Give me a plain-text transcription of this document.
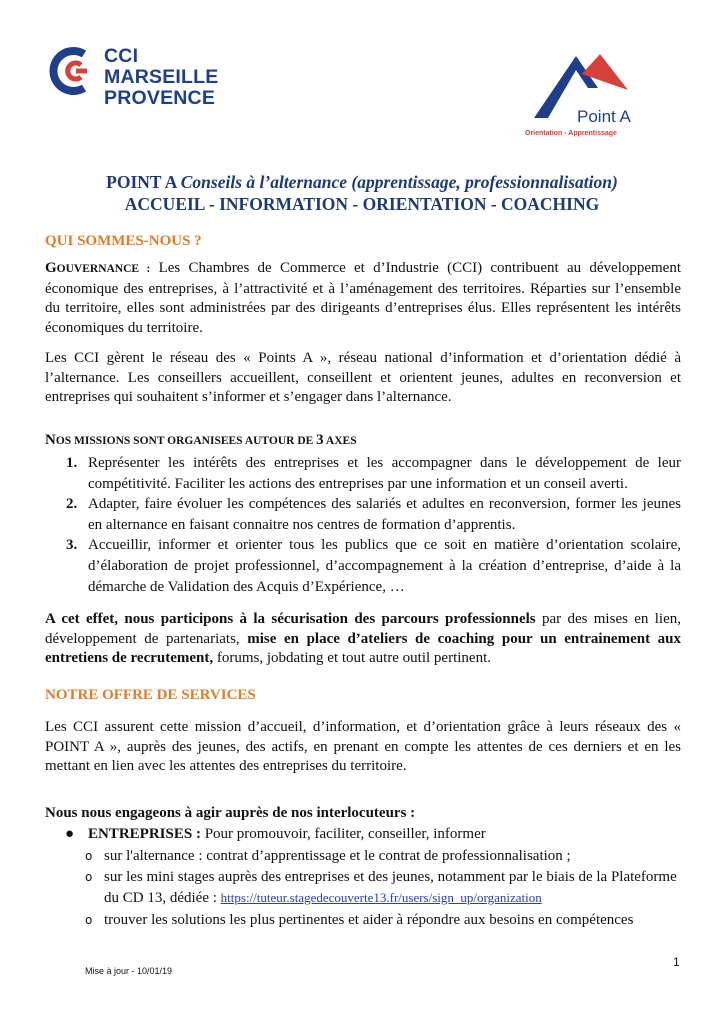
CCI MARSEILLE
PROVENCE
Point A
Orientation - Apprentissage
POINT A Conseils à l’alternance (apprentissage, professionnalisation)
ACCUEIL - INFORMATION - ORIENTATION - COACHING
QUI SOMMES-NOUS ?

GOUVERNANCE : Les Chambres de Commerce et d’Industrie (CCI) contribuent au développement économique des entreprises, à l’attractivité et à l’aménagement des territoires. Réparties sur l’ensemble du territoire, elles sont administrées par des dirigeants d’entreprises élus. Elles représentent les intérêts économiques du territoire.

Les CCI gèrent le réseau des « Points A », réseau national d’information et d’orientation dédié à l’alternance. Les conseillers accueillent, conseillent et orientent jeunes, adultes en reconversion et entreprises qui souhaitent s’informer et s’engager dans l’alternance.

NOS MISSIONS SONT ORGANISEES AUTOUR DE 3 AXES
1. Représenter les intérêts des entreprises et les accompagner dans le développement de leur compétitivité. Faciliter les actions des entreprises par une information et un conseil averti.
2. Adapter, faire évoluer les compétences des salariés et adultes en reconversion, former les jeunes en alternance en faisant connaitre nos centres de formation d’apprentis.
3. Accueillir, informer et orienter tous les publics que ce soit en matière d’orientation scolaire, d’élaboration de projet professionnel, d’accompagnement à la création d’entreprise, d’aide à la démarche de Validation des Acquis d’Expérience, …

A cet effet, nous participons à la sécurisation des parcours professionnels par des mises en lien, développement de partenariats, mise en place d’ateliers de coaching pour un entrainement aux entretiens de recrutement, forums, jobdating et tout autre outil pertinent.

NOTRE OFFRE DE SERVICES

Les CCI assurent cette mission d’accueil, d’information, et d’orientation grâce à leurs réseaux des « POINT A », auprès des jeunes, des actifs, en prenant en compte les attentes de ces derniers et en les mettant en lien avec les attentes des entreprises du territoire.

Nous nous engageons à agir auprès de nos interlocuteurs :
● ENTREPRISES : Pour promouvoir, faciliter, conseiller, informer
o sur l'alternance : contrat d’apprentissage et le contrat de professionnalisation ;
o sur les mini stages auprès des entreprises et des jeunes, notamment par le biais de la Plateforme du CD 13, dédiée : https://tuteur.stagedecouverte13.fr/users/sign_up/organization
o trouver les solutions les plus pertinentes et aider à répondre aux besoins en compétences
Mise à jour - 10/01/19
1
